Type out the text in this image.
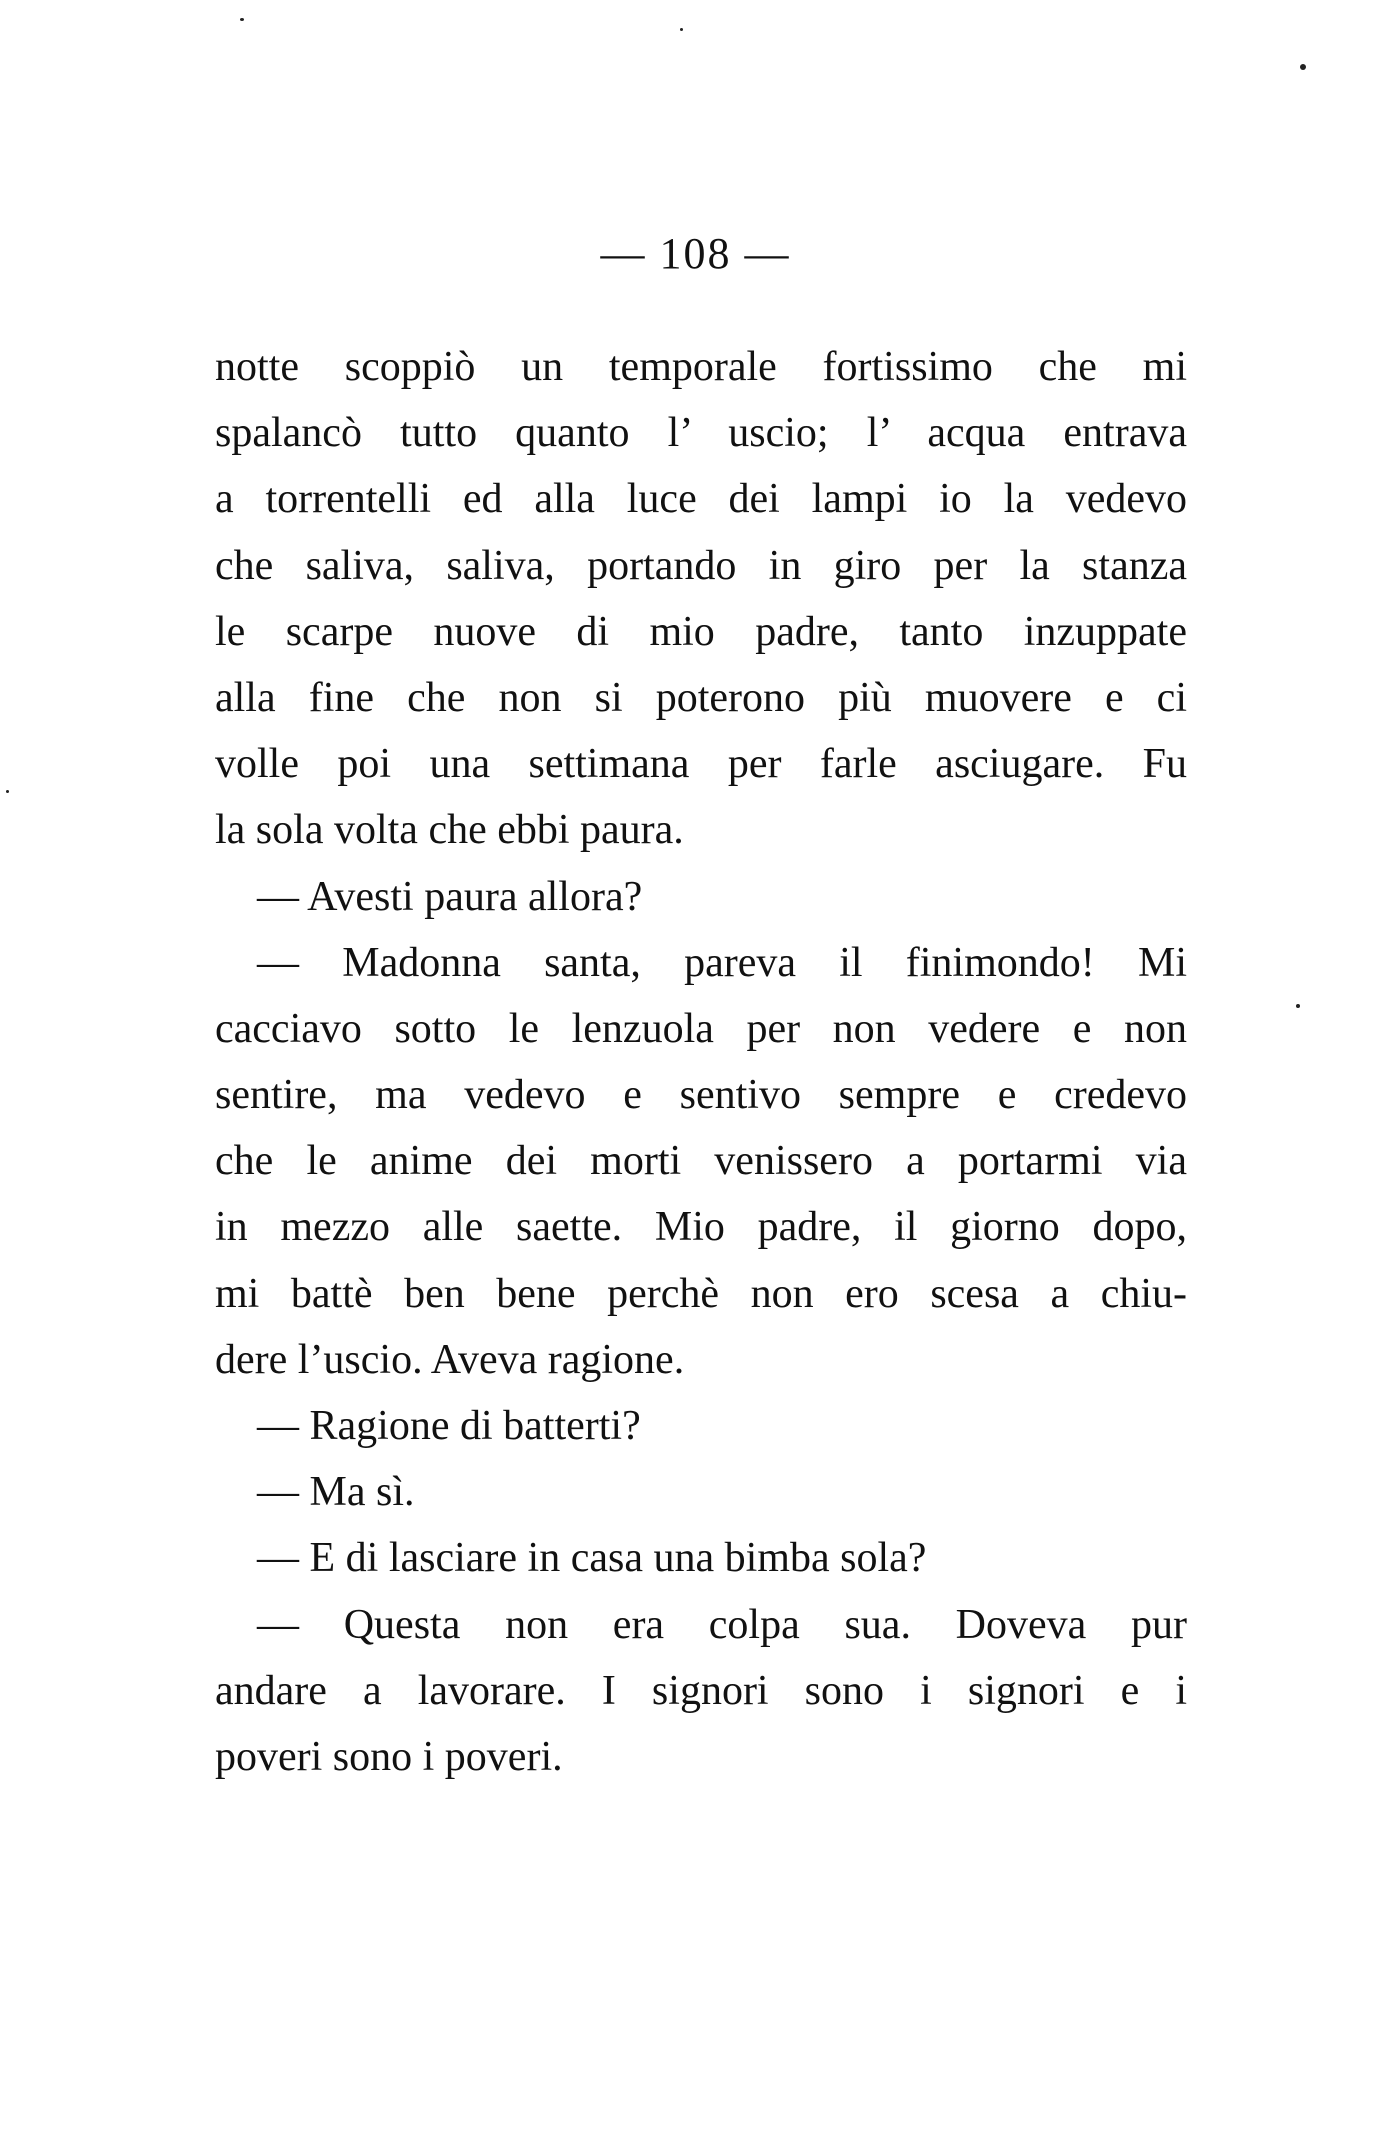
— 108 —
notte scoppiò un temporale fortissimo che mi
spalancò tutto quanto l’ uscio; l’ acqua entrava
a torrentelli ed alla luce dei lampi io la vedevo
che saliva, saliva, portando in giro per la stanza
le scarpe nuove di mio padre, tanto inzuppate
alla fine che non si poterono più muovere e ci
volle poi una settimana per farle asciugare. Fu
la sola volta che ebbi paura.
— Avesti paura allora?
— Madonna santa, pareva il finimondo! Mi
cacciavo sotto le lenzuola per non vedere e non
sentire, ma vedevo e sentivo sempre e credevo
che le anime dei morti venissero a portarmi via
in mezzo alle saette. Mio padre, il giorno dopo,
mi battè ben bene perchè non ero scesa a chiu-
dere l’uscio. Aveva ragione.
— Ragione di batterti?
— Ma sì.
— E di lasciare in casa una bimba sola?
— Questa non era colpa sua. Doveva pur
andare a lavorare. I signori sono i signori e i
poveri sono i poveri.
